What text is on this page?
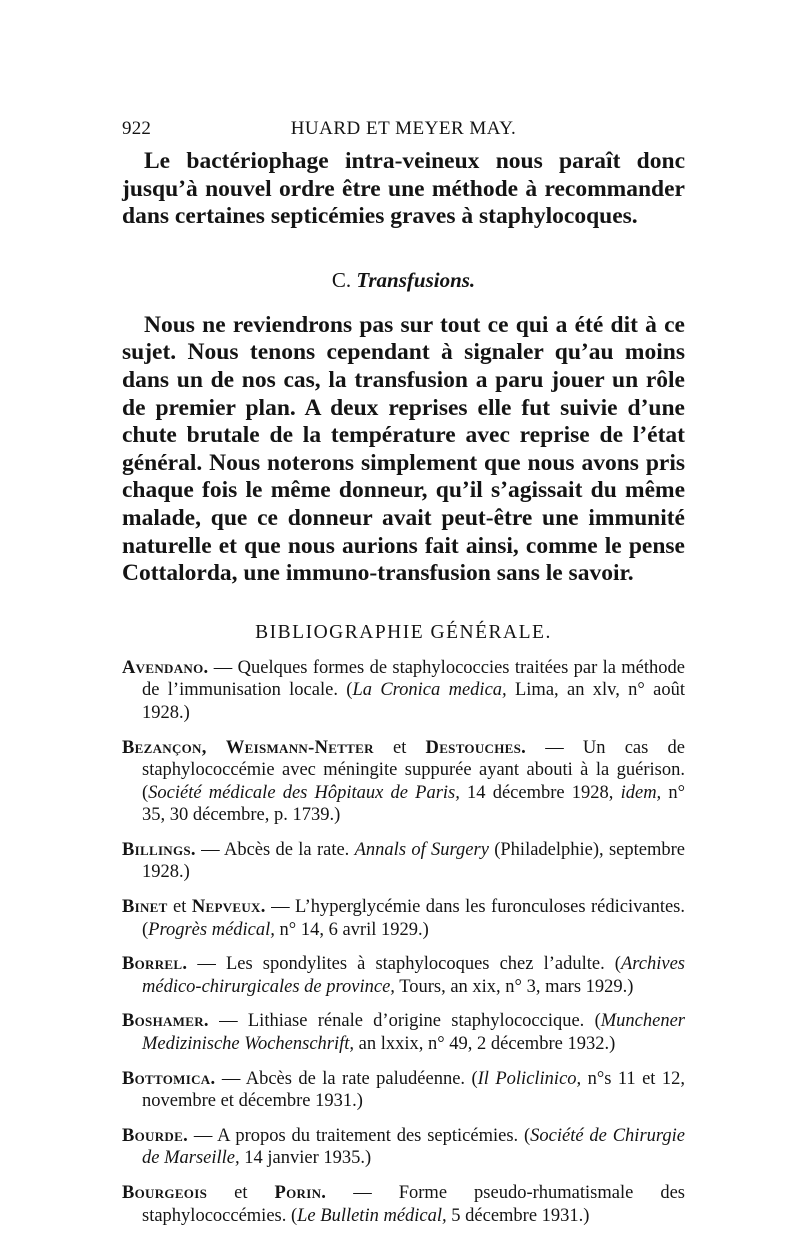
922	HUARD ET MEYER MAY.

Le bactériophage intra-veineux nous paraît donc jusqu’à nouvel ordre être une méthode à recommander dans certaines septicémies graves à staphylocoques.

C. Transfusions.

Nous ne reviendrons pas sur tout ce qui a été dit à ce sujet. Nous tenons cependant à signaler qu’au moins dans un de nos cas, la transfusion a paru jouer un rôle de premier plan. A deux reprises elle fut suivie d’une chute brutale de la température avec reprise de l’état général. Nous noterons simplement que nous avons pris chaque fois le même donneur, qu’il s’agissait du même malade, que ce donneur avait peut-être une immunité naturelle et que nous aurions fait ainsi, comme le pense Cottalorda, une immuno-transfusion sans le savoir.

BIBLIOGRAPHIE GÉNÉRALE.
Avendano. — Quelques formes de staphylococcies traitées par la méthode de l’immunisation locale. (La Cronica medica, Lima, an xlv, n° août 1928.)
Bezançon, Weismann-Netter et Destouches. — Un cas de staphylococcémie avec méningite suppurée ayant abouti à la guérison. (Société médicale des Hôpitaux de Paris, 14 décembre 1928, idem, n° 35, 30 décembre, p. 1739.)
Billings. — Abcès de la rate. Annals of Surgery (Philadelphie), septembre 1928.)
Binet et Nepveux. — L’hyperglycémie dans les furonculoses rédicivantes. (Progrès médical, n° 14, 6 avril 1929.)
Borrel. — Les spondylites à staphylocoques chez l’adulte. (Archives médico-chirurgicales de province, Tours, an xix, n° 3, mars 1929.)
Boshamer. — Lithiase rénale d’origine staphylococcique. (Munchener Medizinische Wochenschrift, an lxxix, n° 49, 2 décembre 1932.)
Bottomica. — Abcès de la rate paludéenne. (Il Policlinico, n°s 11 et 12, novembre et décembre 1931.)
Bourde. — A propos du traitement des septicémies. (Société de Chirurgie de Marseille, 14 janvier 1935.)
Bourgeois et Porin. — Forme pseudo-rhumatismale des staphylococcémies. (Le Bulletin médical, 5 décembre 1931.)
